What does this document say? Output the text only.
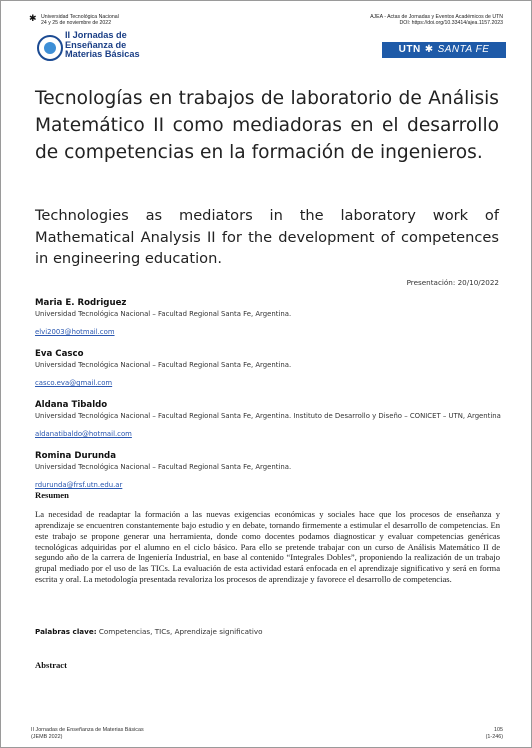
✱ Universidad Tecnológica Nacional
24 y 25 de noviembre de 2022
AJEA - Actas de Jornadas y Eventos Académicos de UTN
DOI: https://doi.org/10.33414/ajea.1157.2023
II Jornadas de
Enseñanza de
Materias Básicas	UTN ✱ SANTA FE
Tecnologías en trabajos de laboratorio de Análisis Matemático II como mediadoras en el desarrollo de competencias en la formación de ingenieros.
Technologies as mediators in the laboratory work of Mathematical Analysis II for the development of competences in engineering education.
Presentación: 20/10/2022
Maria E. Rodriguez
Universidad Tecnológica Nacional – Facultad Regional Santa Fe, Argentina.
elvi2003@hotmail.com
Eva Casco
Universidad Tecnológica Nacional – Facultad Regional Santa Fe, Argentina.
casco.eva@gmail.com
Aldana Tibaldo
Universidad Tecnológica Nacional – Facultad Regional Santa Fe, Argentina. Instituto de Desarrollo y Diseño – CONICET – UTN, Argentina
aldanatibaldo@hotmail.com
Romina Durunda
Universidad Tecnológica Nacional – Facultad Regional Santa Fe, Argentina.
rdurunda@frsf.utn.edu.ar
Resumen

La necesidad de readaptar la formación a las nuevas exigencias económicas y sociales hace que los procesos de enseñanza y aprendizaje se encuentren constantemente bajo estudio y en debate, tornando firmemente a estimular el desarrollo de competencias. En este trabajo se propone generar una herramienta, donde como docentes podamos diagnosticar y evaluar competencias genéricas tecnológicas adquiridas por el alumno en el ciclo básico. Para ello se pretende trabajar con un curso de Análisis Matemático II de segundo año de la carrera de Ingeniería Industrial, en base al contenido “Integrales Dobles”, proponiendo la realización de un trabajo grupal mediado por el uso de las TICs. La evaluación de esta actividad estará enfocada en el aprendizaje significativo y será en forma escrita y oral. La metodología presentada revaloriza los procesos de aprendizaje y favorece el desarrollo de competencias.

Palabras clave: Competencias, TICs, Aprendizaje significativo
Abstract
II Jornadas de Enseñanza de Materias Básicas
(JEMB 2022)
105
(1-246)
